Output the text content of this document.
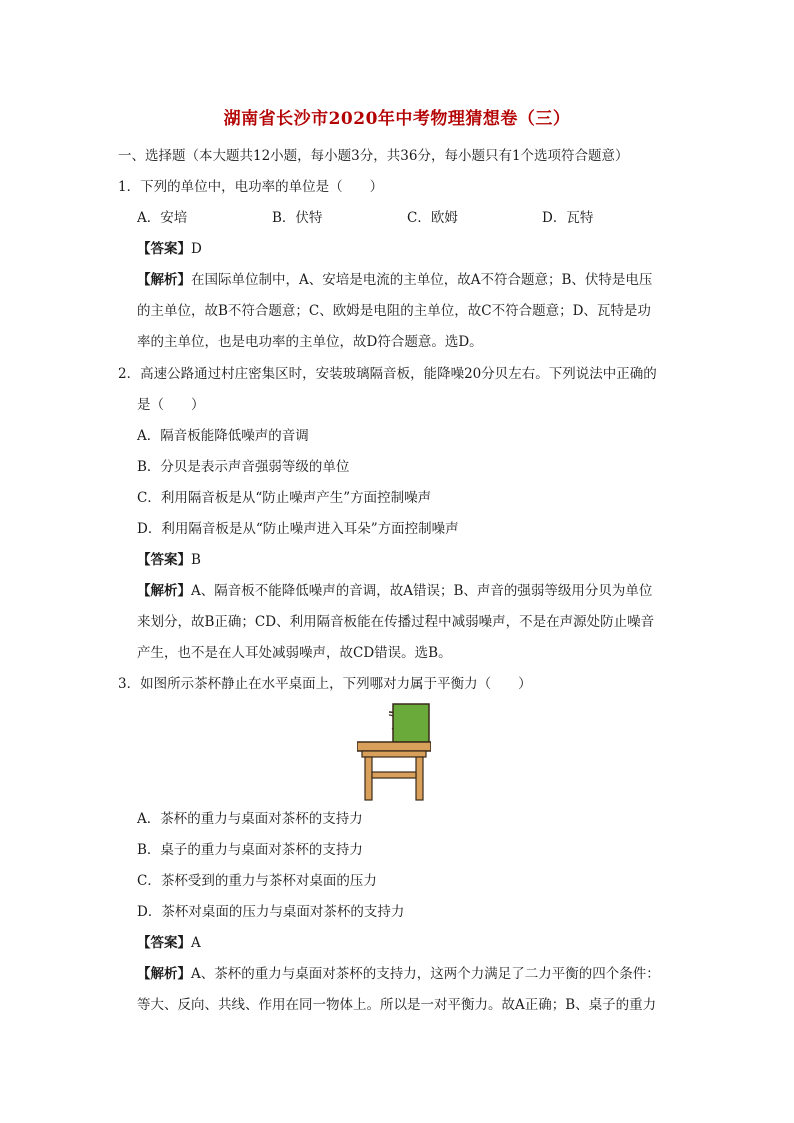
湖南省长沙市2020年中考物理猜想卷（三）
一、选择题（本大题共12小题，每小题3分，共36分，每小题只有1个选项符合题意）
1．下列的单位中，电功率的单位是（　　）
A．安培	B．伏特	C．欧姆	D．瓦特
【答案】D
【解析】在国际单位制中，A、安培是电流的主单位，故A不符合题意；B、伏特是电压
的主单位，故B不符合题意；C、欧姆是电阻的主单位，故C不符合题意；D、瓦特是功
率的主单位，也是电功率的主单位，故D符合题意。选D。
2．高速公路通过村庄密集区时，安装玻璃隔音板，能降噪20分贝左右。下列说法中正确的
是（　　）
A．隔音板能降低噪声的音调
B．分贝是表示声音强弱等级的单位
C．利用隔音板是从“防止噪声产生”方面控制噪声
D．利用隔音板是从“防止噪声进入耳朵”方面控制噪声
【答案】B
【解析】A、隔音板不能降低噪声的音调，故A错误；B、声音的强弱等级用分贝为单位
来划分，故B正确；CD、利用隔音板能在传播过程中减弱噪声，不是在声源处防止噪音
产生，也不是在人耳处减弱噪声，故CD错误。选B。
3．如图所示茶杯静止在水平桌面上，下列哪对力属于平衡力（　　）
A．茶杯的重力与桌面对茶杯的支持力
B．桌子的重力与桌面对茶杯的支持力
C．茶杯受到的重力与茶杯对桌面的压力
D．茶杯对桌面的压力与桌面对茶杯的支持力
【答案】A
【解析】A、茶杯的重力与桌面对茶杯的支持力，这两个力满足了二力平衡的四个条件：
等大、反向、共线、作用在同一物体上。所以是一对平衡力。故A正确；B、桌子的重力
